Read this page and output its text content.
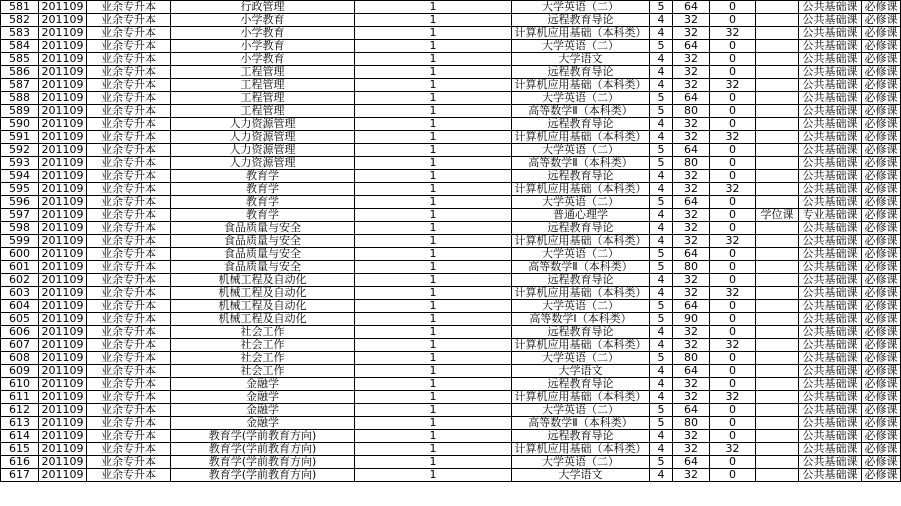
581	201109	业余专升本	行政管理	1	大学英语（二）	5	64	0		公共基础课	必修课
582	201109	业余专升本	小学教育	1	远程教育导论	4	32	0		公共基础课	必修课
583	201109	业余专升本	小学教育	1	计算机应用基础（本科类）	4	32	32		公共基础课	必修课
584	201109	业余专升本	小学教育	1	大学英语（二）	5	64	0		公共基础课	必修课
585	201109	业余专升本	小学教育	1	大学语文	4	32	0		公共基础课	必修课
586	201109	业余专升本	工程管理	1	远程教育导论	4	32	0		公共基础课	必修课
587	201109	业余专升本	工程管理	1	计算机应用基础（本科类）	4	32	32		公共基础课	必修课
588	201109	业余专升本	工程管理	1	大学英语（二）	5	64	0		公共基础课	必修课
589	201109	业余专升本	工程管理	1	高等数学Ⅱ（本科类）	5	80	0		公共基础课	必修课
590	201109	业余专升本	人力资源管理	1	远程教育导论	4	32	0		公共基础课	必修课
591	201109	业余专升本	人力资源管理	1	计算机应用基础（本科类）	4	32	32		公共基础课	必修课
592	201109	业余专升本	人力资源管理	1	大学英语（二）	5	64	0		公共基础课	必修课
593	201109	业余专升本	人力资源管理	1	高等数学Ⅱ（本科类）	5	80	0		公共基础课	必修课
594	201109	业余专升本	教育学	1	远程教育导论	4	32	0		公共基础课	必修课
595	201109	业余专升本	教育学	1	计算机应用基础（本科类）	4	32	32		公共基础课	必修课
596	201109	业余专升本	教育学	1	大学英语（二）	5	64	0		公共基础课	必修课
597	201109	业余专升本	教育学	1	普通心理学	4	32	0	学位课	专业基础课	必修课
598	201109	业余专升本	食品质量与安全	1	远程教育导论	4	32	0		公共基础课	必修课
599	201109	业余专升本	食品质量与安全	1	计算机应用基础（本科类）	4	32	32		公共基础课	必修课
600	201109	业余专升本	食品质量与安全	1	大学英语（二）	5	64	0		公共基础课	必修课
601	201109	业余专升本	食品质量与安全	1	高等数学Ⅱ（本科类）	5	80	0		公共基础课	必修课
602	201109	业余专升本	机械工程及自动化	1	远程教育导论	4	32	0		公共基础课	必修课
603	201109	业余专升本	机械工程及自动化	1	计算机应用基础（本科类）	4	32	32		公共基础课	必修课
604	201109	业余专升本	机械工程及自动化	1	大学英语（二）	5	64	0		公共基础课	必修课
605	201109	业余专升本	机械工程及自动化	1	高等数学Ⅰ（本科类）	5	90	0		公共基础课	必修课
606	201109	业余专升本	社会工作	1	远程教育导论	4	32	0		公共基础课	必修课
607	201109	业余专升本	社会工作	1	计算机应用基础（本科类）	4	32	32		公共基础课	必修课
608	201109	业余专升本	社会工作	1	大学英语（二）	5	80	0		公共基础课	必修课
609	201109	业余专升本	社会工作	1	大学语文	4	64	0		公共基础课	必修课
610	201109	业余专升本	金融学	1	远程教育导论	4	32	0		公共基础课	必修课
611	201109	业余专升本	金融学	1	计算机应用基础（本科类）	4	32	32		公共基础课	必修课
612	201109	业余专升本	金融学	1	大学英语（二）	5	64	0		公共基础课	必修课
613	201109	业余专升本	金融学	1	高等数学Ⅱ（本科类）	5	80	0		公共基础课	必修课
614	201109	业余专升本	教育学(学前教育方向)	1	远程教育导论	4	32	0		公共基础课	必修课
615	201109	业余专升本	教育学(学前教育方向)	1	计算机应用基础（本科类）	4	32	32		公共基础课	必修课
616	201109	业余专升本	教育学(学前教育方向)	1	大学英语（二）	5	64	0		公共基础课	必修课
617	201109	业余专升本	教育学(学前教育方向)	1	大学语文	4	32	0		公共基础课	必修课
